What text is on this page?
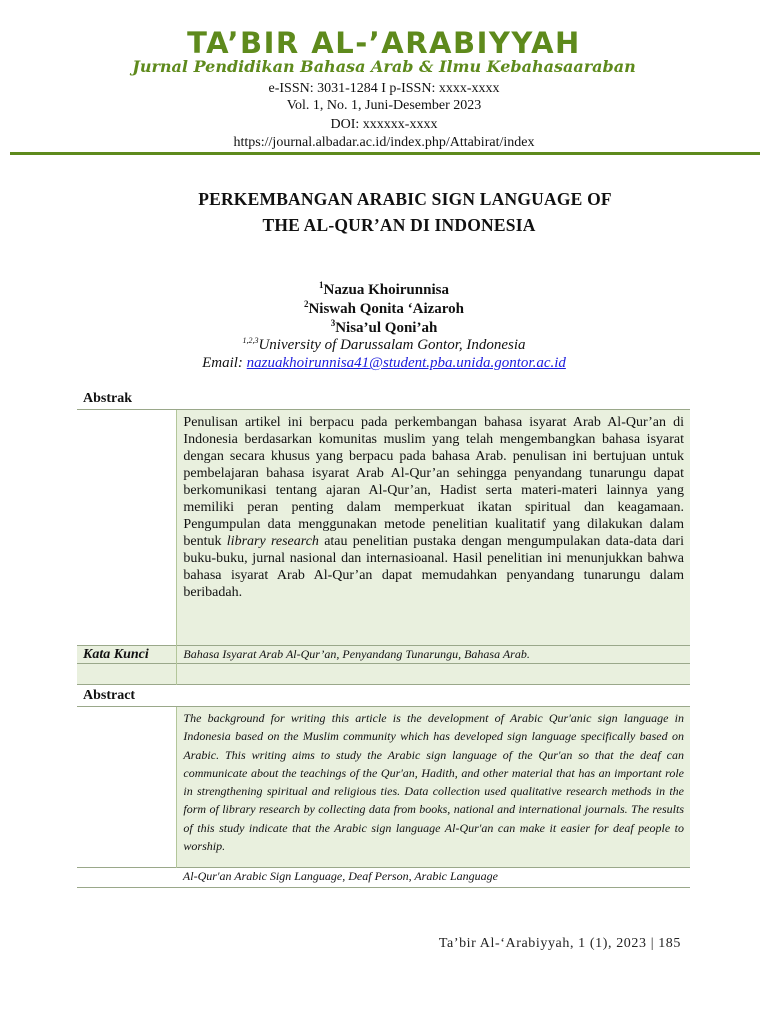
TA’BIR AL-’ARABIYYAH
Jurnal Pendidikan Bahasa Arab & Ilmu Kebahasaaraban
e-ISSN: 3031-1284 I p-ISSN: xxxx-xxxx
Vol. 1, No. 1, Juni-Desember 2023
DOI: xxxxxx-xxxx
https://journal.albadar.ac.id/index.php/Attabirat/index
PERKEMBANGAN ARABIC SIGN LANGUAGE OF
THE AL-QUR’AN DI INDONESIA
$^1$Nazua Khoirunnisa
$^2$Niswah Qonita ‘Aizaroh
$^3$Nisa’ul Qoni’ah
$^{1,2,3}$University of Darussalam Gontor, Indonesia
Email: nazuakhoirunnisa41@student.pba.unida.gontor.ac.id
Abstrak	
	Penulisan artikel ini berpacu pada perkembangan bahasa isyarat Arab Al-Qur’an di Indonesia berdasarkan komunitas muslim yang telah mengembangkan bahasa isyarat dengan secara khusus yang berpacu pada bahasa Arab. penulisan ini bertujuan untuk pembelajaran bahasa isyarat Arab Al-Qur’an sehingga penyandang tunarungu dapat berkomunikasi tentang ajaran Al-Qur’an, Hadist serta materi-materi lainnya yang memiliki peran penting dalam memperkuat ikatan spiritual dan keagamaan. Pengumpulan data menggunakan metode penelitian kualitatif yang dilakukan dalam bentuk library research atau penelitian pustaka dengan mengumpulakan data-data dari buku-buku, jurnal nasional dan internasioanal. Hasil penelitian ini menunjukkan bahwa bahasa isyarat Arab Al-Qur’an dapat memudahkan penyandang tunarungu dalam beribadah.
Kata Kunci	Bahasa Isyarat Arab Al-Qur’an, Penyandang Tunarungu, Bahasa Arab.

Abstract	
	The background for writing this article is the development of Arabic Qur'anic sign language in Indonesia based on the Muslim community which has developed sign language specifically based on Arabic. This writing aims to study the Arabic sign language of the Qur'an so that the deaf can communicate about the teachings of the Qur'an, Hadith, and other material that has an important role in strengthening spiritual and religious ties. Data collection used qualitative research methods in the form of library research by collecting data from books, national and international journals. The results of this study indicate that the Arabic sign language Al-Qur'an can make it easier for deaf people to worship.
	Al-Qur'an Arabic Sign Language, Deaf Person, Arabic Language
Ta’bir Al-‘Arabiyyah, 1 (1), 2023 | 185
